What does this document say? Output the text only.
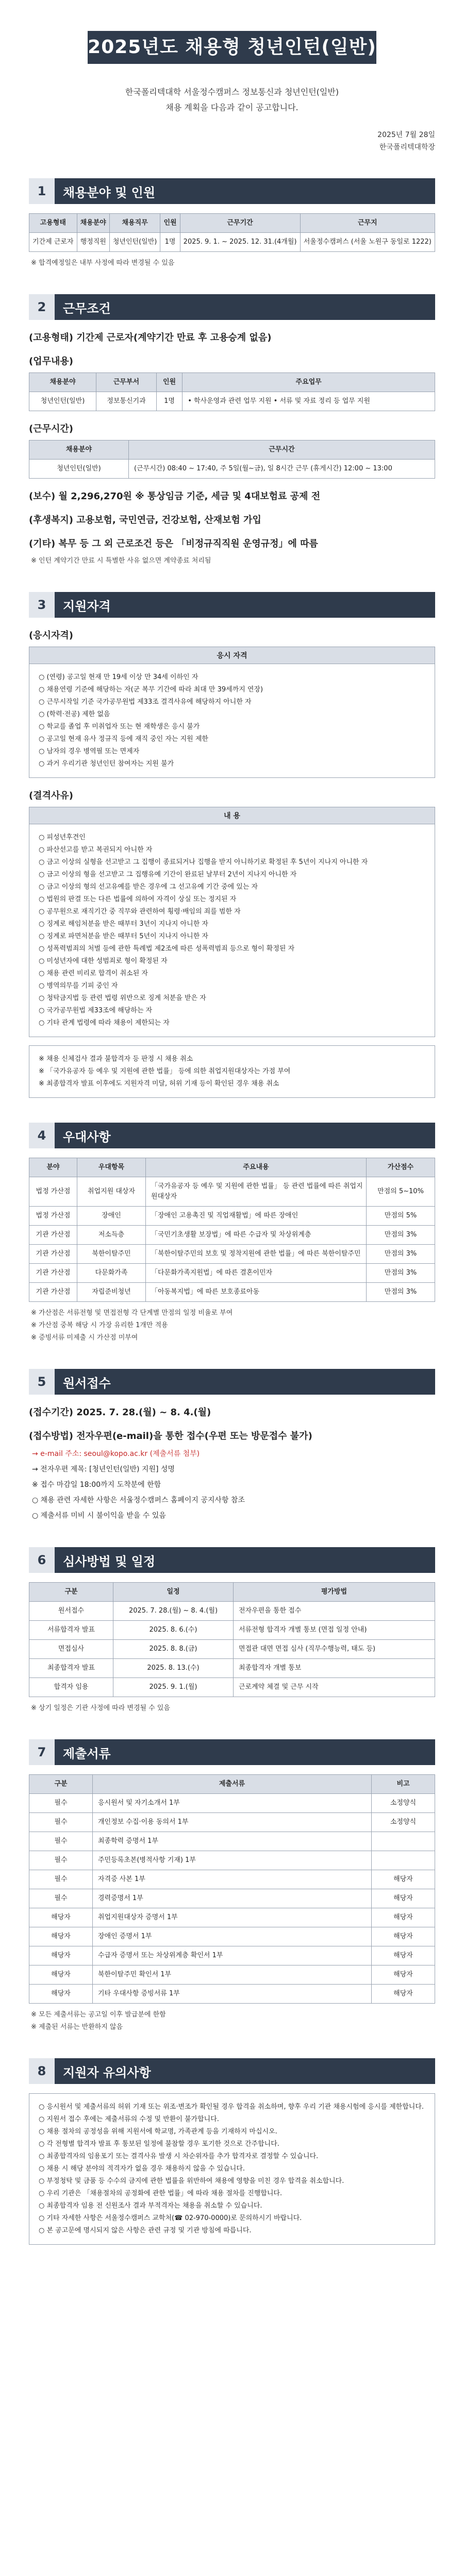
2025년도 채용형 청년인턴(일반) 채용 공고
한국폴리텍대학 서울정수캠퍼스 정보통신과 청년인턴(일반)
채용 계획을 다음과 같이 공고합니다.
2025년 7월 28일
한국폴리텍대학장
1	채용분야 및 인원
고용형태	채용분야	채용직무	인원	근무기간	근무지
기간제 근로자	행정직원	청년인턴(일반)	1명	2025. 9. 1. ~ 2025. 12. 31.(4개월)	서울정수캠퍼스 (서울 노원구 동일로 1222)
※ 합격예정일은 내부 사정에 따라 변경될 수 있음
2	근무조건
(고용형태) 기간제 근로자(계약기간 만료 후 고용승계 없음)
(업무내용)
채용분야	근무부서	인원	주요업무
청년인턴(일반)	정보통신기과	1명	• 학사운영과 관련 업무 지원 • 서류 및 자료 정리 등 업무 지원
(근무시간)
채용분야	근무시간
청년인턴(일반)	(근무시간) 08:40 ~ 17:40, 주 5일(월~금), 일 8시간 근무 (휴게시간) 12:00 ~ 13:00
(보수) 월 2,296,270원 ※ 통상임금 기준, 세금 및 4대보험료 공제 전
(후생복지) 고용보험, 국민연금, 건강보험, 산재보험 가입
(기타) 복무 등 그 외 근로조건 등은 「비정규직직원 운영규정」에 따름
※ 인턴 계약기간 만료 시 특별한 사유 없으면 계약종료 처리됨
3	지원자격
(응시자격)
응시 자격

○ (연령) 공고일 현재 만 19세 이상 만 34세 이하인 자

○ 채용연령 기준에 해당하는 자(군 복무 기간에 따라 최대 만 39세까지 연장)

○ 근무시작일 기준 국가공무원법 제33조 결격사유에 해당하지 아니한 자

○ (학력·전공) 제한 없음

○ 학교를 졸업 후 미취업자 또는 현 재학생은 응시 불가

○ 공고일 현재 유사 정규직 등에 재직 중인 자는 지원 제한

○ 남자의 경우 병역필 또는 면제자

○ 과거 우리기관 청년인턴 참여자는 지원 불가

(결격사유)
내 용

○ 피성년후견인

○ 파산선고를 받고 복권되지 아니한 자

○ 금고 이상의 실형을 선고받고 그 집행이 종료되거나 집행을 받지 아니하기로 확정된 후 5년이 지나지 아니한 자

○ 금고 이상의 형을 선고받고 그 집행유예 기간이 완료된 날부터 2년이 지나지 아니한 자

○ 금고 이상의 형의 선고유예를 받은 경우에 그 선고유예 기간 중에 있는 자

○ 법원의 판결 또는 다른 법률에 의하여 자격이 상실 또는 정지된 자

○ 공무원으로 재직기간 중 직무와 관련하여 횡령·배임의 죄를 범한 자

○ 징계로 해임처분을 받은 때부터 3년이 지나지 아니한 자

○ 징계로 파면처분을 받은 때부터 5년이 지나지 아니한 자

○ 성폭력범죄의 처벌 등에 관한 특례법 제2조에 따른 성폭력범죄 등으로 형이 확정된 자

○ 미성년자에 대한 성범죄로 형이 확정된 자

○ 채용 관련 비리로 합격이 취소된 자

○ 병역의무를 기피 중인 자

○ 청탁금지법 등 관련 법령 위반으로 징계 처분을 받은 자

○ 국가공무원법 제33조에 해당하는 자

○ 기타 관계 법령에 따라 채용이 제한되는 자

※ 채용 신체검사 결과 불합격자 등 판정 시 채용 취소

※ 「국가유공자 등 예우 및 지원에 관한 법률」 등에 의한 취업지원대상자는 가점 부여

※ 최종합격자 발표 이후에도 지원자격 미달, 허위 기재 등이 확인된 경우 채용 취소

4	우대사항
분야	우대항목	주요내용	가산점수
법정 가산점	취업지원 대상자	「국가유공자 등 예우 및 지원에 관한 법률」 등 관련 법률에 따른 취업지원대상자	만점의 5~10%
법정 가산점	장애인	「장애인 고용촉진 및 직업재활법」에 따른 장애인	만점의 5%
기관 가산점	저소득층	「국민기초생활 보장법」에 따른 수급자 및 차상위계층	만점의 3%
기관 가산점	북한이탈주민	「북한이탈주민의 보호 및 정착지원에 관한 법률」에 따른 북한이탈주민	만점의 3%
기관 가산점	다문화가족	「다문화가족지원법」에 따른 결혼이민자	만점의 3%
기관 가산점	자립준비청년	「아동복지법」에 따른 보호종료아동	만점의 3%
※ 가산점은 서류전형 및 면접전형 각 단계별 만점의 일정 비율로 부여
※ 가산점 중복 해당 시 가장 유리한 1개만 적용
※ 증빙서류 미제출 시 가산점 미부여
5	원서접수
(접수기간) 2025. 7. 28.(월) ~ 8. 4.(월)
(접수방법) 전자우편(e-mail)을 통한 접수(우편 또는 방문접수 불가)
→ e-mail 주소: seoul@kopo.ac.kr (제출서류 첨부)
→ 전자우편 제목: [청년인턴(일반) 지원] 성명
※ 접수 마감일 18:00까지 도착분에 한함
○ 채용 관련 자세한 사항은 서울정수캠퍼스 홈페이지 공지사항 참조
○ 제출서류 미비 시 불이익을 받을 수 있음
6	심사방법 및 일정
구분	일정	평가방법
원서접수	2025. 7. 28.(월) ~ 8. 4.(월)	전자우편을 통한 접수
서류합격자 발표	2025. 8. 6.(수)	서류전형 합격자 개별 통보 (면접 일정 안내)
면접심사	2025. 8. 8.(금)	면접관 대면 면접 심사 (직무수행능력, 태도 등)
최종합격자 발표	2025. 8. 13.(수)	최종합격자 개별 통보
합격자 임용	2025. 9. 1.(월)	근로계약 체결 및 근무 시작
※ 상기 일정은 기관 사정에 따라 변경될 수 있음
7	제출서류
구분	제출서류	비고
필수	응시원서 및 자기소개서 1부	소정양식
필수	개인정보 수집·이용 동의서 1부	소정양식
필수	최종학력 증명서 1부	
필수	주민등록초본(병적사항 기재) 1부	
필수	자격증 사본 1부	해당자
필수	경력증명서 1부	해당자
해당자	취업지원대상자 증명서 1부	해당자
해당자	장애인 증명서 1부	해당자
해당자	수급자 증명서 또는 차상위계층 확인서 1부	해당자
해당자	북한이탈주민 확인서 1부	해당자
해당자	기타 우대사항 증빙서류 1부	해당자
※ 모든 제출서류는 공고일 이후 발급분에 한함
※ 제출된 서류는 반환하지 않음
8	지원자 유의사항

○ 응시원서 및 제출서류의 허위 기재 또는 위조·변조가 확인될 경우 합격을 취소하며, 향후 우리 기관 채용시험에 응시를 제한합니다.

○ 지원서 접수 후에는 제출서류의 수정 및 반환이 불가합니다.

○ 채용 절차의 공정성을 위해 지원서에 학교명, 가족관계 등을 기재하지 마십시오.

○ 각 전형별 합격자 발표 후 통보된 일정에 불참할 경우 포기한 것으로 간주합니다.

○ 최종합격자의 임용포기 또는 결격사유 발생 시 차순위자를 추가 합격자로 결정할 수 있습니다.

○ 채용 시 해당 분야의 적격자가 없을 경우 채용하지 않을 수 있습니다.

○ 부정청탁 및 금품 등 수수의 금지에 관한 법률을 위반하여 채용에 영향을 미친 경우 합격을 취소합니다.

○ 우리 기관은 「채용절차의 공정화에 관한 법률」에 따라 채용 절차를 진행합니다.

○ 최종합격자 임용 전 신원조사 결과 부적격자는 채용을 취소할 수 있습니다.

○ 기타 자세한 사항은 서울정수캠퍼스 교학처(☎ 02-970-0000)로 문의하시기 바랍니다.

○ 본 공고문에 명시되지 않은 사항은 관련 규정 및 기관 방침에 따릅니다.
